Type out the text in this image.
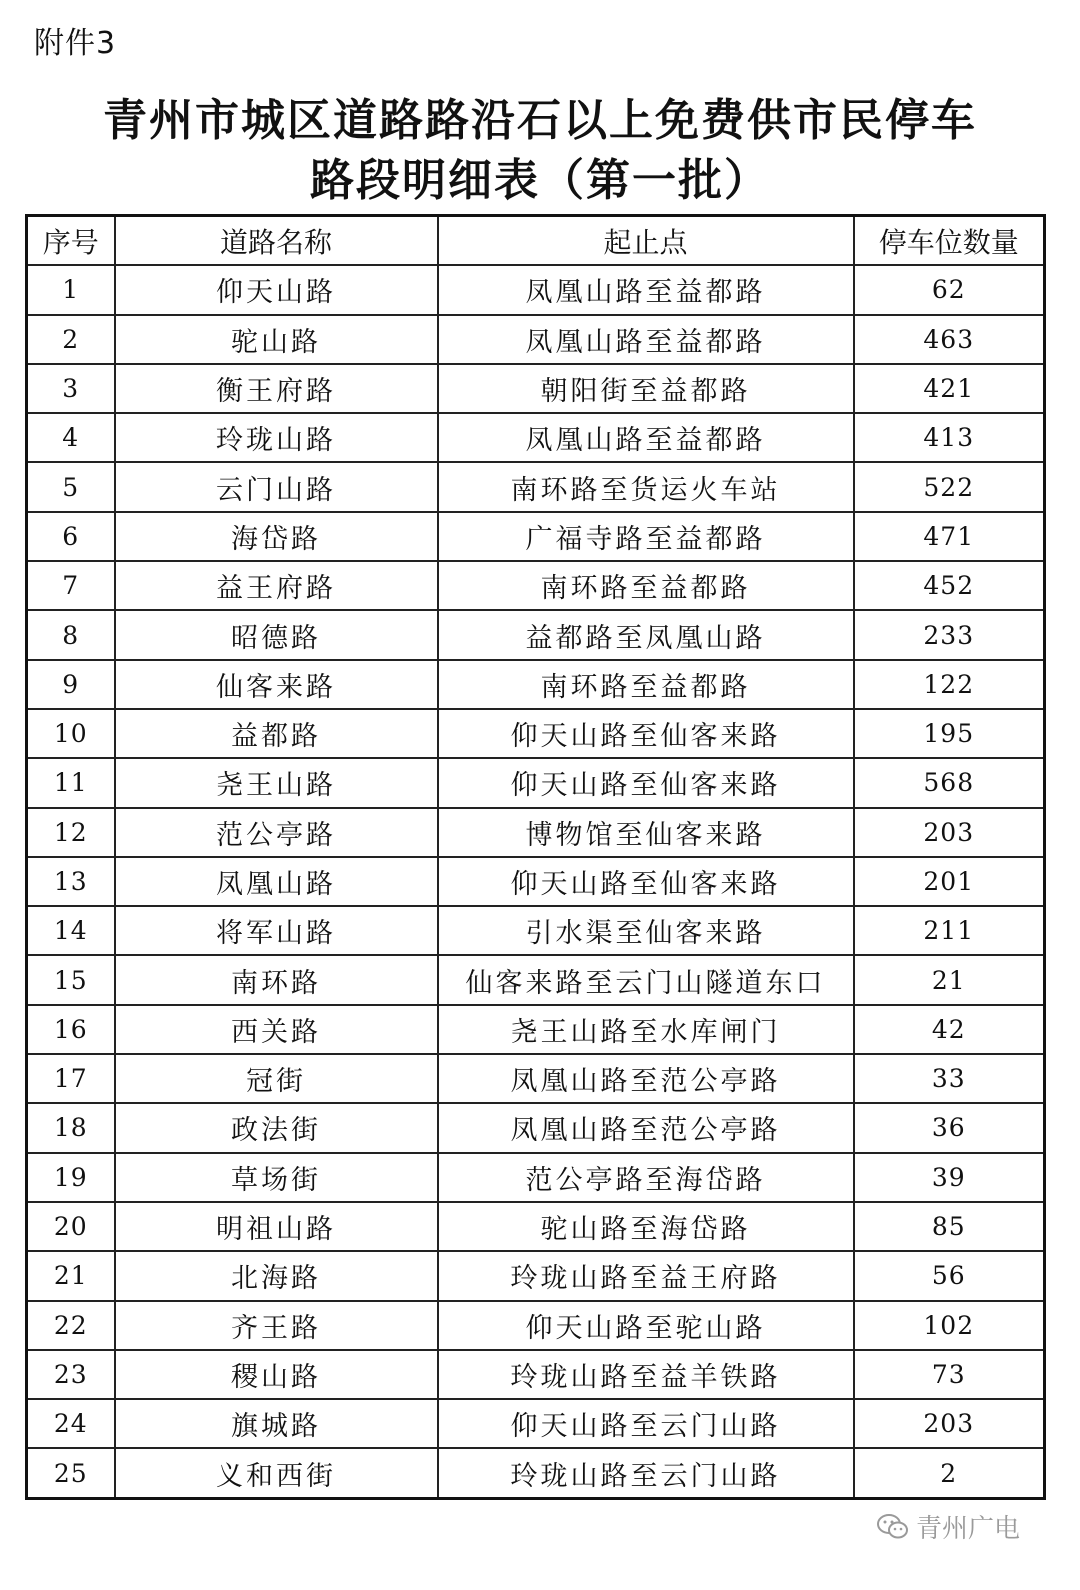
附件3
青州市城区道路路沿石以上免费供市民停车
路段明细表（第一批）
序号	道路名称	起止点	停车位数量
1	仰天山路	凤凰山路至益都路	62
2	驼山路	凤凰山路至益都路	463
3	衡王府路	朝阳街至益都路	421
4	玲珑山路	凤凰山路至益都路	413
5	云门山路	南环路至货运火车站	522
6	海岱路	广福寺路至益都路	471
7	益王府路	南环路至益都路	452
8	昭德路	益都路至凤凰山路	233
9	仙客来路	南环路至益都路	122
10	益都路	仰天山路至仙客来路	195
11	尧王山路	仰天山路至仙客来路	568
12	范公亭路	博物馆至仙客来路	203
13	凤凰山路	仰天山路至仙客来路	201
14	将军山路	引水渠至仙客来路	211
15	南环路	仙客来路至云门山隧道东口	21
16	西关路	尧王山路至水库闸门	42
17	冠街	凤凰山路至范公亭路	33
18	政法街	凤凰山路至范公亭路	36
19	草场街	范公亭路至海岱路	39
20	明祖山路	驼山路至海岱路	85
21	北海路	玲珑山路至益王府路	56
22	齐王路	仰天山路至驼山路	102
23	稷山路	玲珑山路至益羊铁路	73
24	旗城路	仰天山路至云门山路	203
25	义和西街	玲珑山路至云门山路	2
青州广电
